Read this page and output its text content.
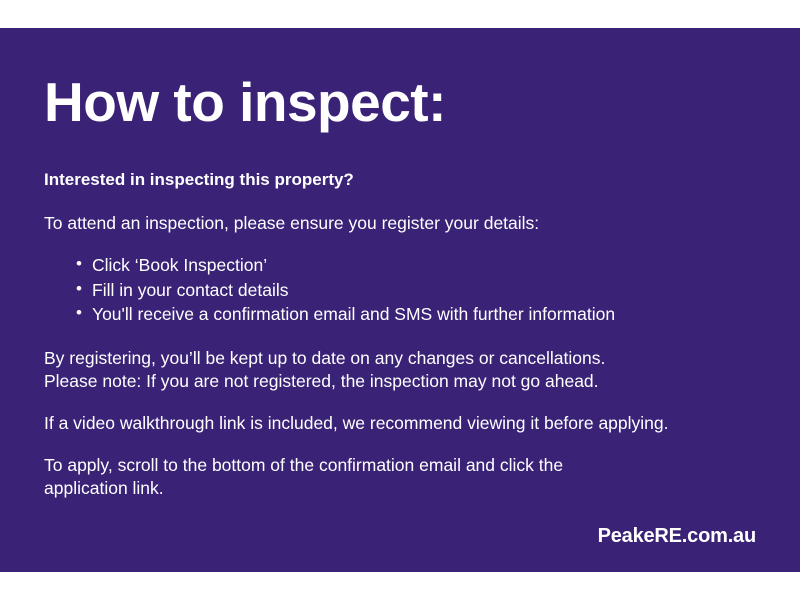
How to inspect:

Interested in inspecting this property?

To attend an inspection, please ensure you register your details:

• Click ‘Book Inspection’
• Fill in your contact details
• You'll receive a confirmation email and SMS with further information
By registering, you’ll be kept up to date on any changes or cancellations.
Please note: If you are not registered, the inspection may not go ahead.

If a video walkthrough link is included, we recommend viewing it before applying.

To apply, scroll to the bottom of the confirmation email and click the
application link.
PeakeRE.com.au
